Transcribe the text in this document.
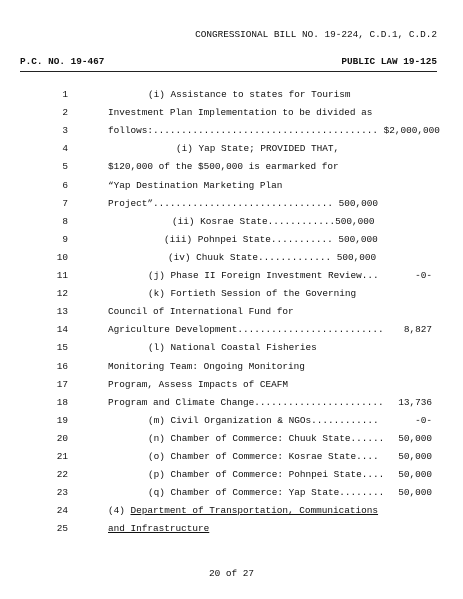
CONGRESSIONAL BILL NO. 19-224, C.D.1, C.D.2
P.C. NO. 19-467	PUBLIC LAW 19-125
1	(i) Assistance to states for Tourism
2	Investment Plan Implementation to be divided as
3	follows:........................................ $2,000,000
4	(i) Yap State; PROVIDED THAT,
5	$120,000 of the $500,000 is earmarked for
6	“Yap Destination Marketing Plan
7	Project”................................ 500,000
8	(ii) Kosrae State............500,000
9	(iii) Pohnpei State........... 500,000
10	(iv) Chuuk State............. 500,000
11	(j) Phase II Foreign Investment Review...	-0-
12	(k) Fortieth Session of the Governing
13	Council of International Fund for
14	Agriculture Development.......................... 8,827
15	(l) National Coastal Fisheries
16	Monitoring Team: Ongoing Monitoring
17	Program, Assess Impacts of CEAFM
18	Program and Climate Change....................... 13,736
19	(m) Civil Organization & NGOs............	-0-
20	(n) Chamber of Commerce: Chuuk State...... 50,000
21	(o) Chamber of Commerce: Kosrae State.... 50,000
22	(p) Chamber of Commerce: Pohnpei State.... 50,000
23	(q) Chamber of Commerce: Yap State........ 50,000
24	(4) Department of Transportation, Communications
25	and Infrastructure
20 of 27
